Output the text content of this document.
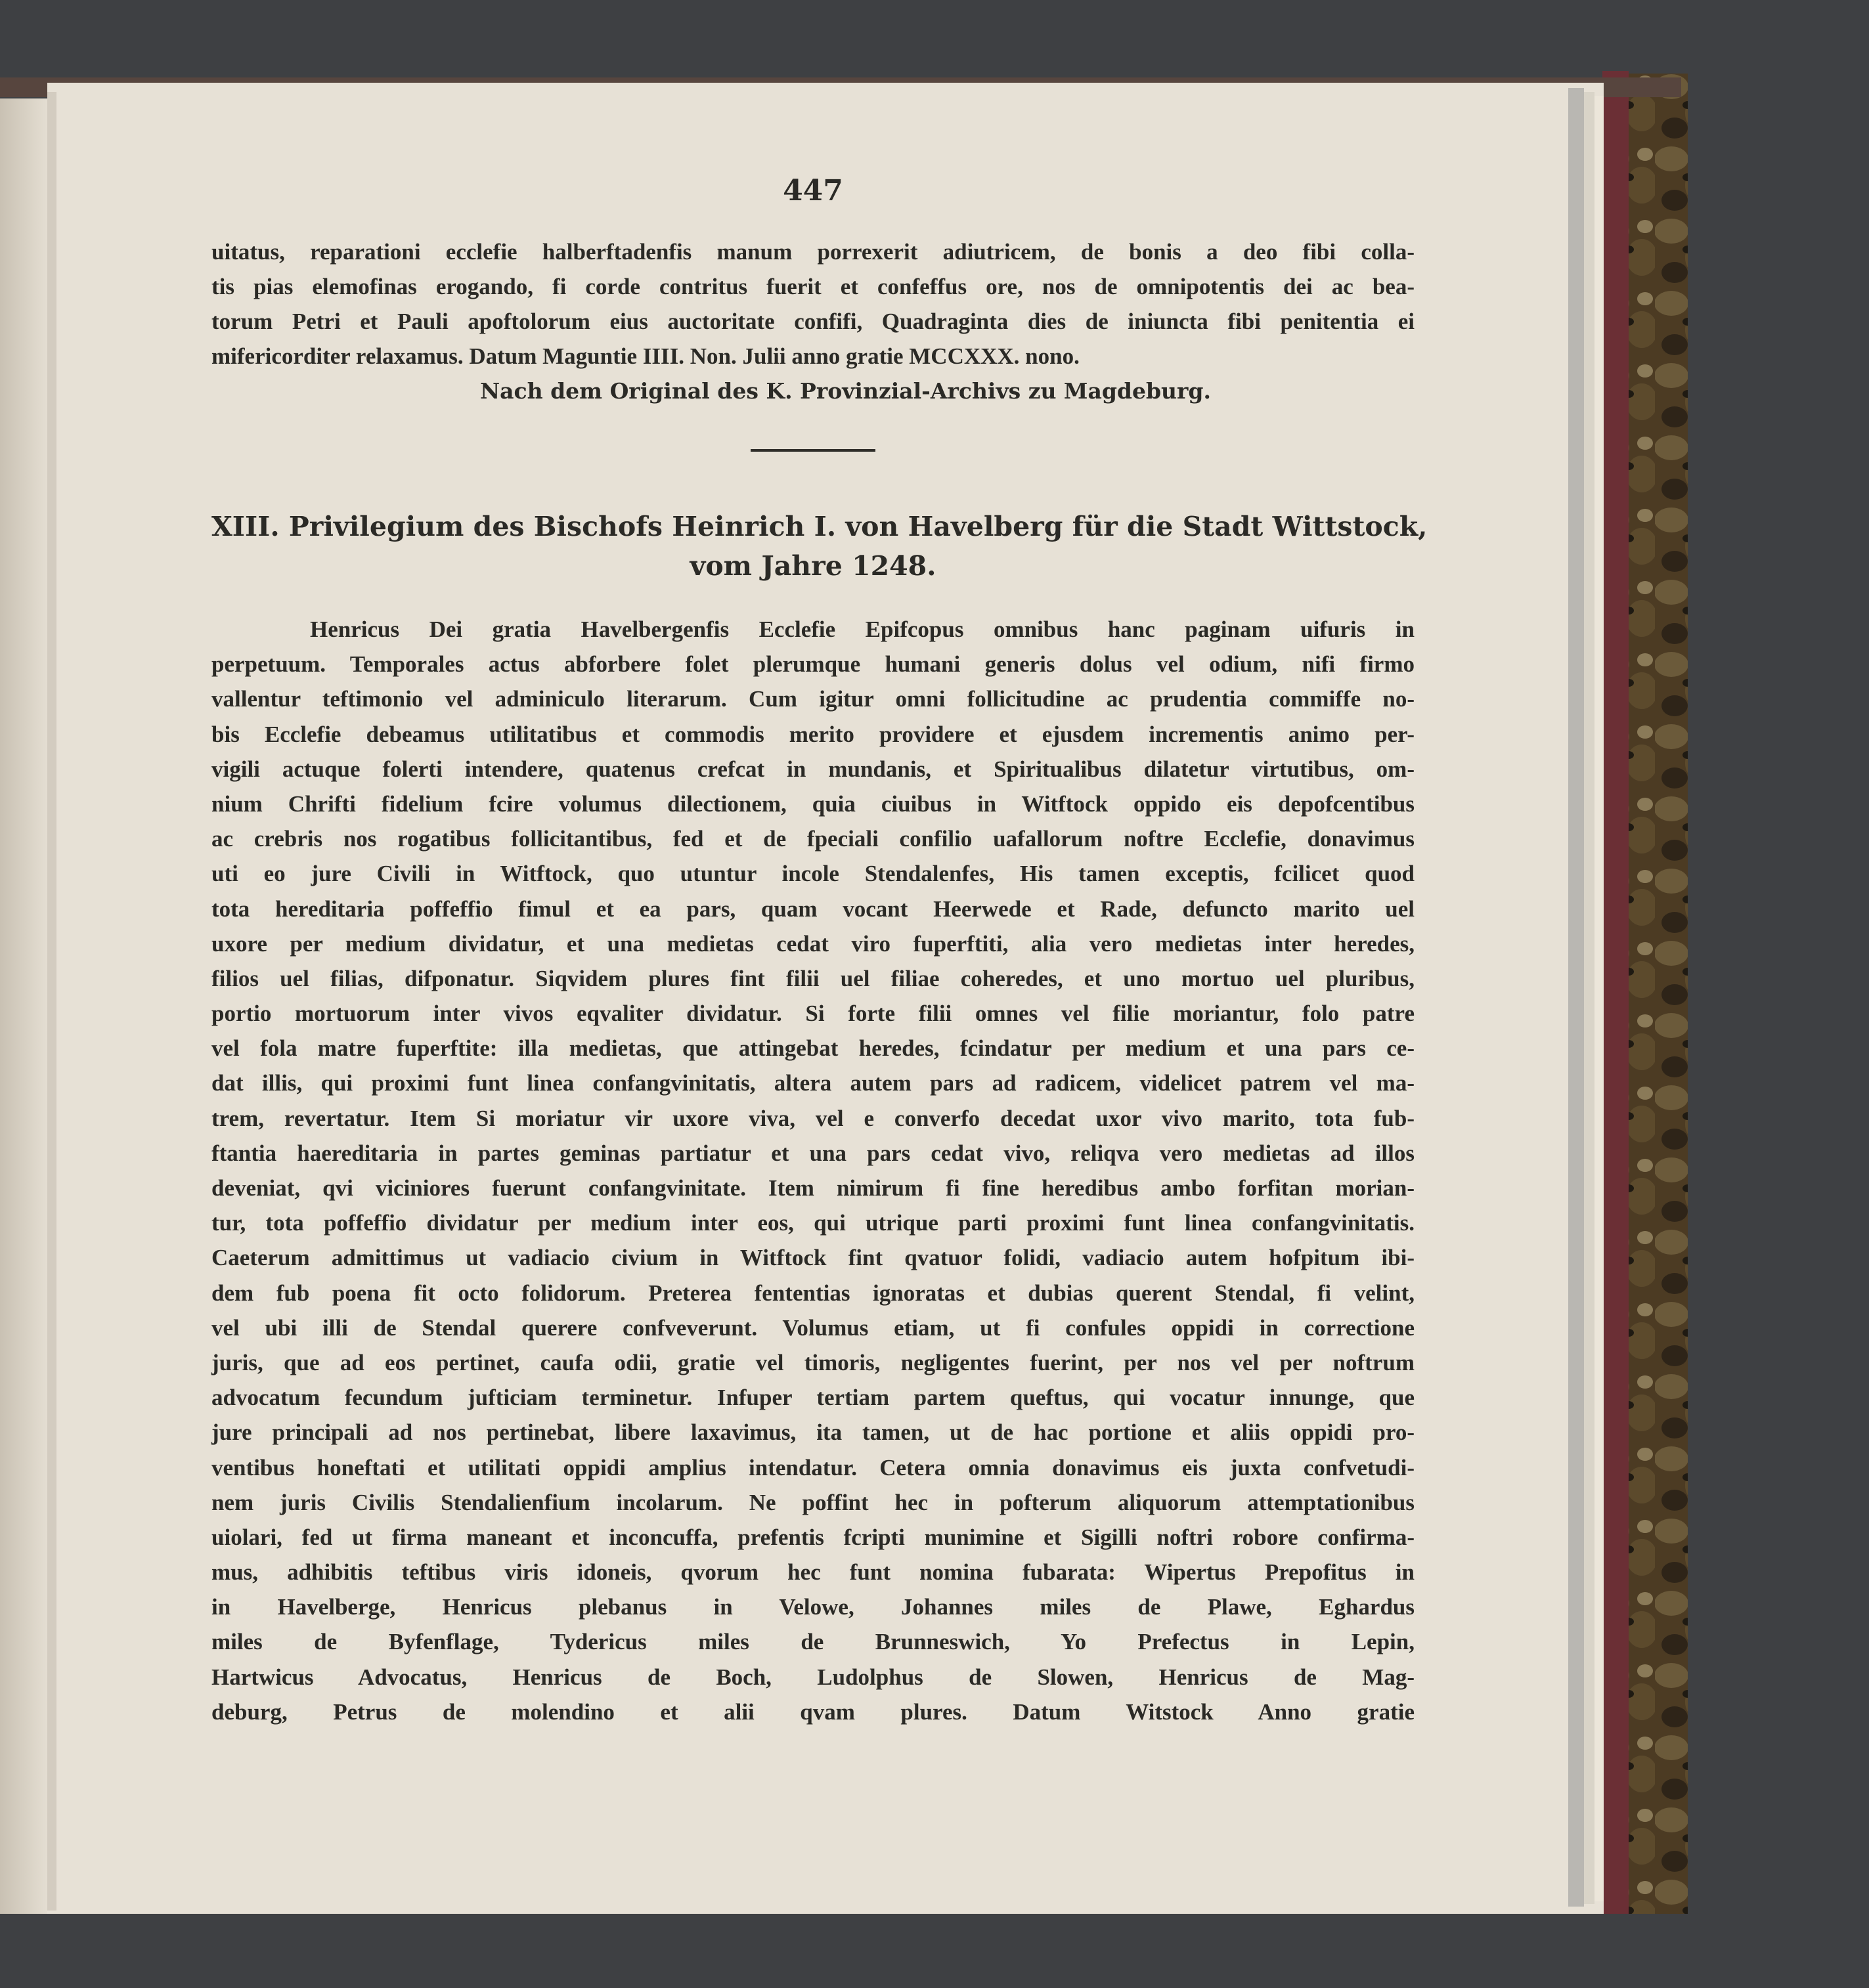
447
uitatus, reparationi ecclefie halberftadenfis manum porrexerit adiutricem, de bonis a deo fibi colla-
tis pias elemofinas erogando, fi corde contritus fuerit et confeffus ore, nos de omnipotentis dei ac bea-
torum Petri et Pauli apoftolorum eius auctoritate confifi, Quadraginta dies de iniuncta fibi penitentia ei
mifericorditer relaxamus. Datum Maguntie IIII. Non. Julii anno gratie MCCXXX. nono.
Nach dem Original des K. Provinzial-Archivs zu Magdeburg.
XIII. Privilegium des Bischofs Heinrich I. von Havelberg für die Stadt Wittstock,
vom Jahre 1248.
Henricus Dei gratia Havelbergenfis Ecclefie Epifcopus omnibus hanc paginam uifuris in
perpetuum. Temporales actus abforbere folet plerumque humani generis dolus vel odium, nifi firmo
vallentur teftimonio vel adminiculo literarum. Cum igitur omni follicitudine ac prudentia commiffe no-
bis Ecclefie debeamus utilitatibus et commodis merito providere et ejusdem incrementis animo per-
vigili actuque folerti intendere, quatenus crefcat in mundanis, et Spiritualibus dilatetur virtutibus, om-
nium Chrifti fidelium fcire volumus dilectionem, quia ciuibus in Witftock oppido eis depofcentibus
ac crebris nos rogatibus follicitantibus, fed et de fpeciali confilio uafallorum noftre Ecclefie, donavimus
uti eo jure Civili in Witftock, quo utuntur incole Stendalenfes, His tamen exceptis, fcilicet quod
tota hereditaria poffeffio fimul et ea pars, quam vocant Heerwede et Rade, defuncto marito uel
uxore per medium dividatur, et una medietas cedat viro fuperftiti, alia vero medietas inter heredes,
filios uel filias, difponatur. Siqvidem plures fint filii uel filiae coheredes, et uno mortuo uel pluribus,
portio mortuorum inter vivos eqvaliter dividatur. Si forte filii omnes vel filie moriantur, folo patre
vel fola matre fuperftite: illa medietas, que attingebat heredes, fcindatur per medium et una pars ce-
dat illis, qui proximi funt linea confangvinitatis, altera autem pars ad radicem, videlicet patrem vel ma-
trem, revertatur. Item Si moriatur vir uxore viva, vel e converfo decedat uxor vivo marito, tota fub-
ftantia haereditaria in partes geminas partiatur et una pars cedat vivo, reliqva vero medietas ad illos
deveniat, qvi viciniores fuerunt confangvinitate. Item nimirum fi fine heredibus ambo forfitan morian-
tur, tota poffeffio dividatur per medium inter eos, qui utrique parti proximi funt linea confangvinitatis.
Caeterum admittimus ut vadiacio civium in Witftock fint qvatuor folidi, vadiacio autem hofpitum ibi-
dem fub poena fit octo folidorum. Preterea fententias ignoratas et dubias querent Stendal, fi velint,
vel ubi illi de Stendal querere confveverunt. Volumus etiam, ut fi confules oppidi in correctione
juris, que ad eos pertinet, caufa odii, gratie vel timoris, negligentes fuerint, per nos vel per noftrum
advocatum fecundum jufticiam terminetur. Infuper tertiam partem queftus, qui vocatur innunge, que
jure principali ad nos pertinebat, libere laxavimus, ita tamen, ut de hac portione et aliis oppidi pro-
ventibus honeftati et utilitati oppidi amplius intendatur. Cetera omnia donavimus eis juxta confvetudi-
nem juris Civilis Stendalienfium incolarum. Ne poffint hec in pofterum aliquorum attemptationibus
uiolari, fed ut firma maneant et inconcuffa, prefentis fcripti munimine et Sigilli noftri robore confirma-
mus, adhibitis teftibus viris idoneis, qvorum hec funt nomina fubarata: Wipertus Prepofitus in
in Havelberge, Henricus plebanus in Velowe, Johannes miles de Plawe, Eghardus
miles de Byfenflage, Tydericus miles de Brunneswich, Yo Prefectus in Lepin,
Hartwicus Advocatus, Henricus de Boch, Ludolphus de Slowen, Henricus de Mag-
deburg, Petrus de molendino et alii qvam plures. Datum Witstock Anno gratie
